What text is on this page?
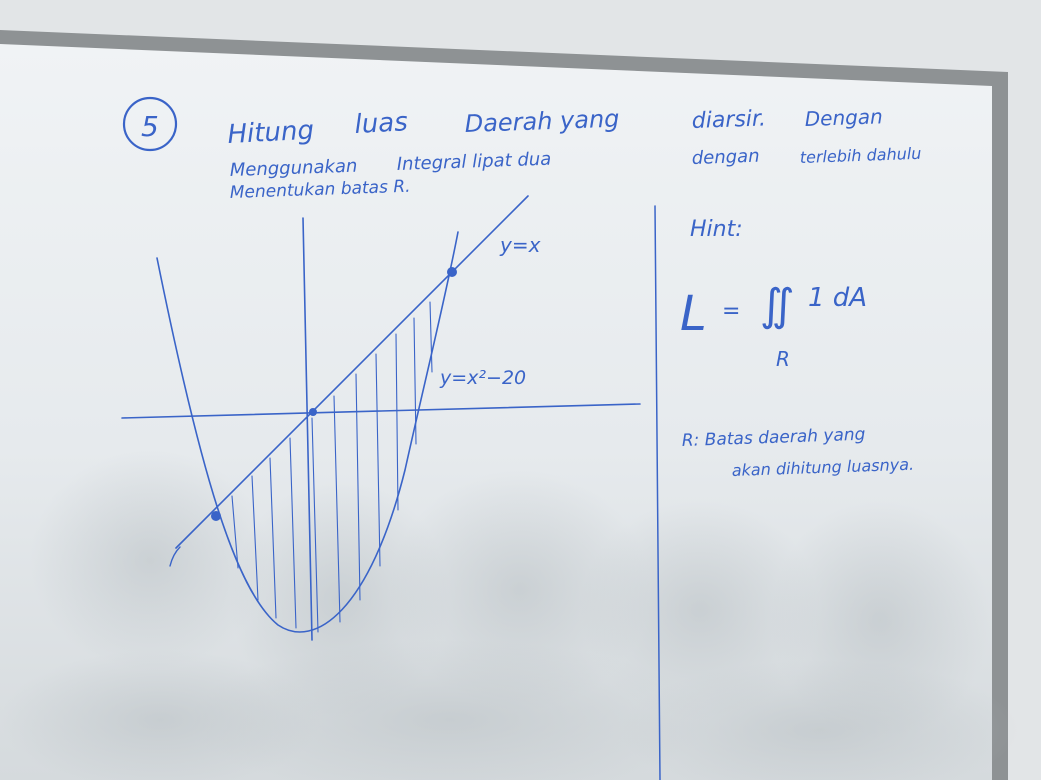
5	Hitung luas Daerah yang	diarsir. Dengan
Menggunakan Integral lipat dua	dengan terlebih dahulu
Menentukan batas R.
y=x
y=x²−20
Hint:
L = ∬ 1 dA
R
R: Batas daerah yang
akan dihitung luasnya.
